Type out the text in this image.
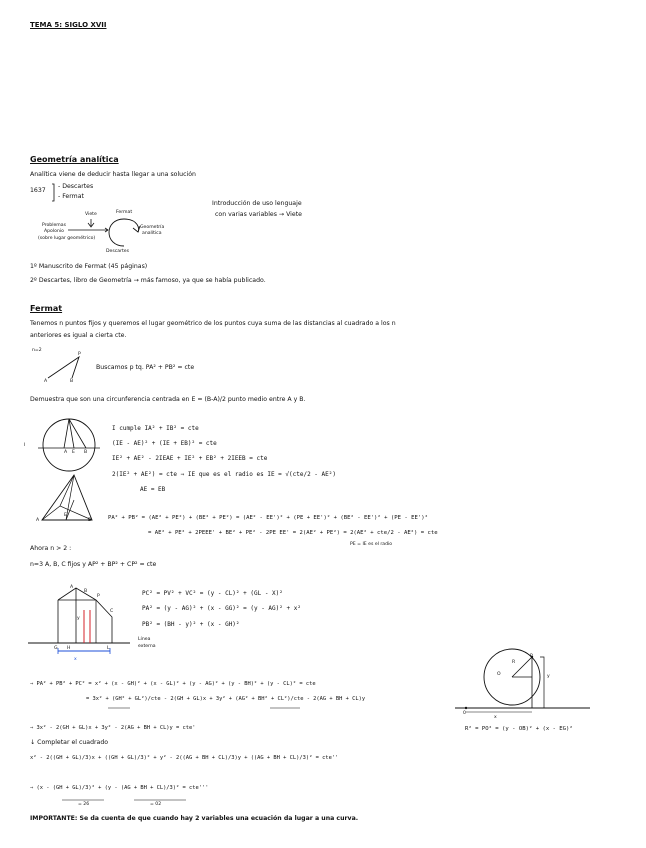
TEMA 5: SIGLO XVII
Geometría analítica
Analítica viene de deducir hasta llegar a una solución
1637
- Descartes
- Fermat
Viete	Fermat
Problemas
Apolonio
(sobre lugar geométrico)
Geometría
analítica
Descartes
Introducción de uso lenguaje
con varias variables → Viete
1º Manuscrito de Fermat (45 páginas)
2º Descartes, libro de Geometría → más famoso, ya que se había publicado.
Fermat
Tenemos n puntos fijos y queremos el lugar geométrico de los puntos cuya suma de las distancias al cuadrado a los n
anteriores es igual a cierta cte.
n=2
P
A	B
Buscamos p tq. PA² + PB² = cte
Demuestra que son una circunferencia centrada en E = (B-A)/2 punto medio entre A y B.
I
A E B
I cumple IA² + IB² = cte
(IE - AE)² + (IE + EB)² = cte
IE² + AE² - 2IEAE + IE² + EB² + 2IEEB = cte
2(IE² + AE²) = cte ⇒ IE que es el radio es IE = √(cte/2 - AE²)
AE = EB
A	B
E	PA² + PB² = (AE² + PE²) + (BE² + PE²) = (AE² - EE')² + (PE + EE')² + (BE² - EE')² + (PE - EE')²
= AE² + PE² + 2PEEE' + BE² + PE² - 2PE EE' = 2(AE² + PE²) = 2(AE² + cte/2 - AE²) = cte
PE = IE es el radio
Ahora n > 2 :
n=3 A, B, C fijos y AP² + BP² + CP² = cte
A
B
P
C
y
G H	L
x
Línea
externa
PC² = PV² + VC² = (y - CL)² + (GL - X)²
PA² = (y - AG)² + (x - GG)² = (y - AG)² + x²
PB² = (BH - y)² + (x - GH)²
⇒ PA² + PB² + PC² = x² + (x - GH)² + (x - GL)² + (y - AG)² + (y - BH)² + (y - CL)² = cte
= 3x² + (GH² + GL²)/cte - 2(GH + GL)x + 3y² + (AG² + BH² + CL²)/cte - 2(AG + BH + CL)y
⇒ 3x² - 2(GH + GL)x + 3y² - 2(AG + BH + CL)y = cte'
↓ Completar el cuadrado
x² - 2((GH + GL)/3)x + ((GH + GL)/3)² + y² - 2((AG + BH + CL)/3)y + ((AG + BH + CL)/3)² = cte''
⇒ (x - (GH + GL)/3)² + (y - (AG + BH + CL)/3)² = cte'''
= 26	= 02
IMPORTANTE: Se da cuenta de que cuando hay 2 variables una ecuación da lugar a una curva.
O
R
y
0
x
R² = PO² = (y - OB)² + (x - EG)²
